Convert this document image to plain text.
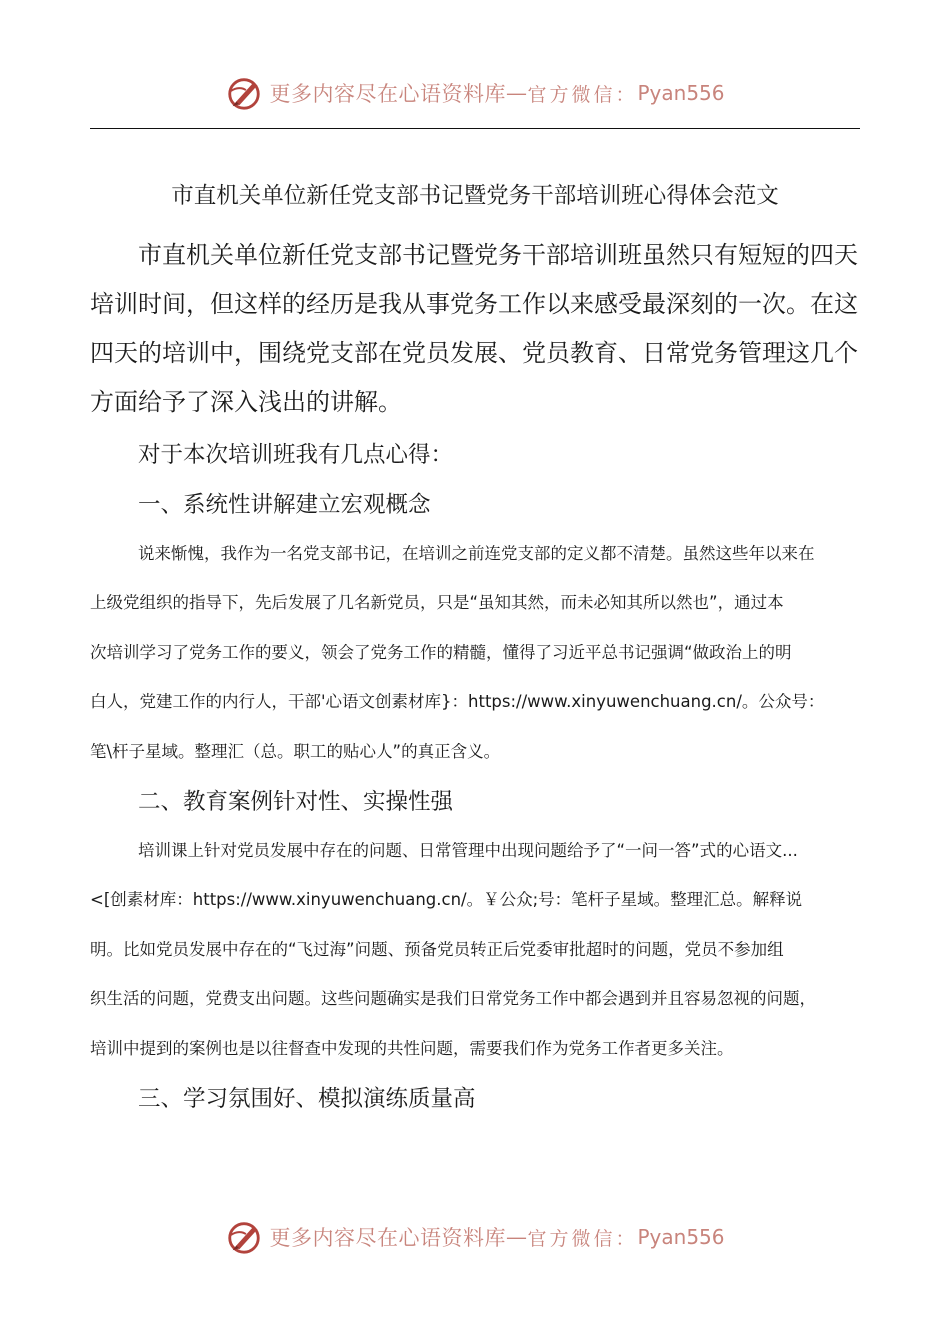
更多内容尽在心语资料库 — 官方微信： Pyan556
市直机关单位新任党支部书记暨党务干部培训班心得体会范文
市直机关单位新任党支部书记暨党务干部培训班虽然只有短短的四天
培训时间，但这样的经历是我从事党务工作以来感受最深刻的一次。在这
四天的培训中，围绕党支部在党员发展、党员教育、日常党务管理这几个
方面给予了深入浅出的讲解。
对于本次培训班我有几点心得：
一、系统性讲解建立宏观概念
说来惭愧，我作为一名党支部书记，在培训之前连党支部的定义都不清楚。虽然这些年以来在
上级党组织的指导下，先后发展了几名新党员，只是“虽知其然，而未必知其所以然也”，通过本
次培训学习了党务工作的要义，领会了党务工作的精髓，懂得了习近平总书记强调“做政治上的明
白人，党建工作的内行人，干部'心语文创素材库}：https://www.xinyuwenchuang.cn/。公众号：
笔\杆子星域。整理汇（总。职工的贴心人”的真正含义。
二、教育案例针对性、实操性强
培训课上针对党员发展中存在的问题、日常管理中出现问题给予了“一问一答”式的心语文...
<[创素材库：https://www.xinyuwenchuang.cn/。￥公众;号：笔杆子星域。整理汇总。解释说
明。比如党员发展中存在的“飞过海”问题、预备党员转正后党委审批超时的问题，党员不参加组
织生活的问题，党费支出问题。这些问题确实是我们日常党务工作中都会遇到并且容易忽视的问题，
培训中提到的案例也是以往督查中发现的共性问题，需要我们作为党务工作者更多关注。
三、学习氛围好、模拟演练质量高
更多内容尽在心语资料库 — 官方微信： Pyan556
